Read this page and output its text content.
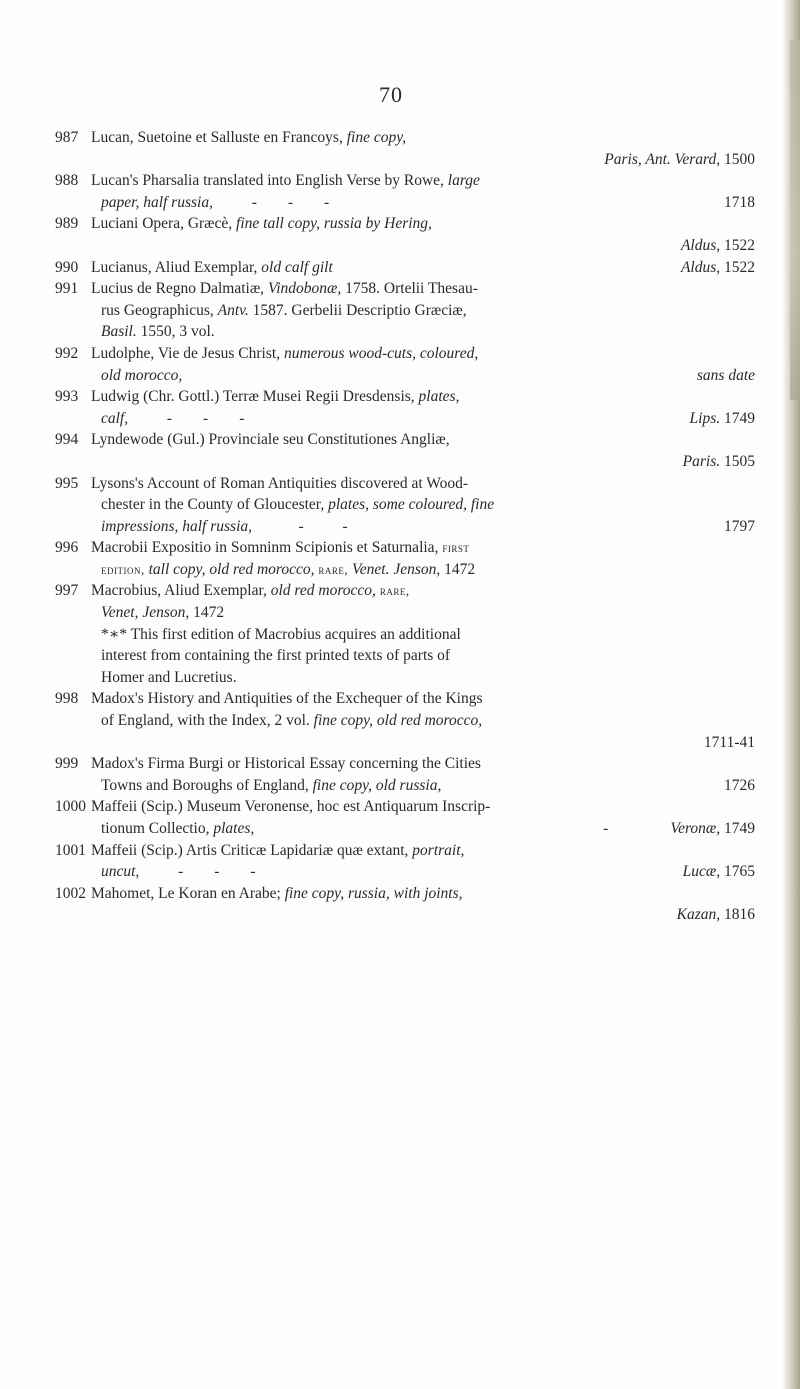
70
987 Lucan, Suetoine et Salluste en Francoys, fine copy,
Paris, Ant. Verard, 1500
988 Lucan's Pharsalia translated into English Verse by Rowe, large
paper, half russia,          -        -        -	1718
989 Luciani Opera, Græcè, fine tall copy, russia by Hering,
Aldus, 1522
990 Lucianus, Aliud Exemplar, old calf gilt	Aldus, 1522
991 Lucius de Regno Dalmatiæ, Vindobonæ, 1758. Ortelii Thesau-
rus Geographicus, Antv. 1587. Gerbelii Descriptio Græciæ,
Basil. 1550, 3 vol.
992 Ludolphe, Vie de Jesus Christ, numerous wood-cuts, coloured,
old morocco,	sans date
993 Ludwig (Chr. Gottl.) Terræ Musei Regii Dresdensis, plates,
calf,          -        -        -	Lips. 1749
994 Lyndewode (Gul.) Provinciale seu Constitutiones Angliæ,
Paris. 1505
995 Lysons's Account of Roman Antiquities discovered at Wood-
chester in the County of Gloucester, plates, some coloured, fine
impressions, half russia,            -          -	1797
996 Macrobii Expositio in Somninm Scipionis et Saturnalia, first
edition, tall copy, old red morocco, rare, Venet. Jenson, 1472
997 Macrobius, Aliud Exemplar, old red morocco, rare,
Venet, Jenson, 1472
*∗* This first edition of Macrobius acquires an additional
interest from containing the first printed texts of parts of
Homer and Lucretius.
998 Madox's History and Antiquities of the Exchequer of the Kings
of England, with the Index, 2 vol. fine copy, old red morocco,
1711-41
999 Madox's Firma Burgi or Historical Essay concerning the Cities
Towns and Boroughs of England, fine copy, old russia,	1726
1000 Maffeii (Scip.) Museum Veronense, hoc est Antiquarum Inscrip-
tionum Collectio, plates,	-                Veronæ, 1749
1001 Maffeii (Scip.) Artis Criticæ Lapidariæ quæ extant, portrait,
uncut,          -        -        -	Lucæ, 1765
1002 Mahomet, Le Koran en Arabe; fine copy, russia, with joints,
Kazan, 1816
